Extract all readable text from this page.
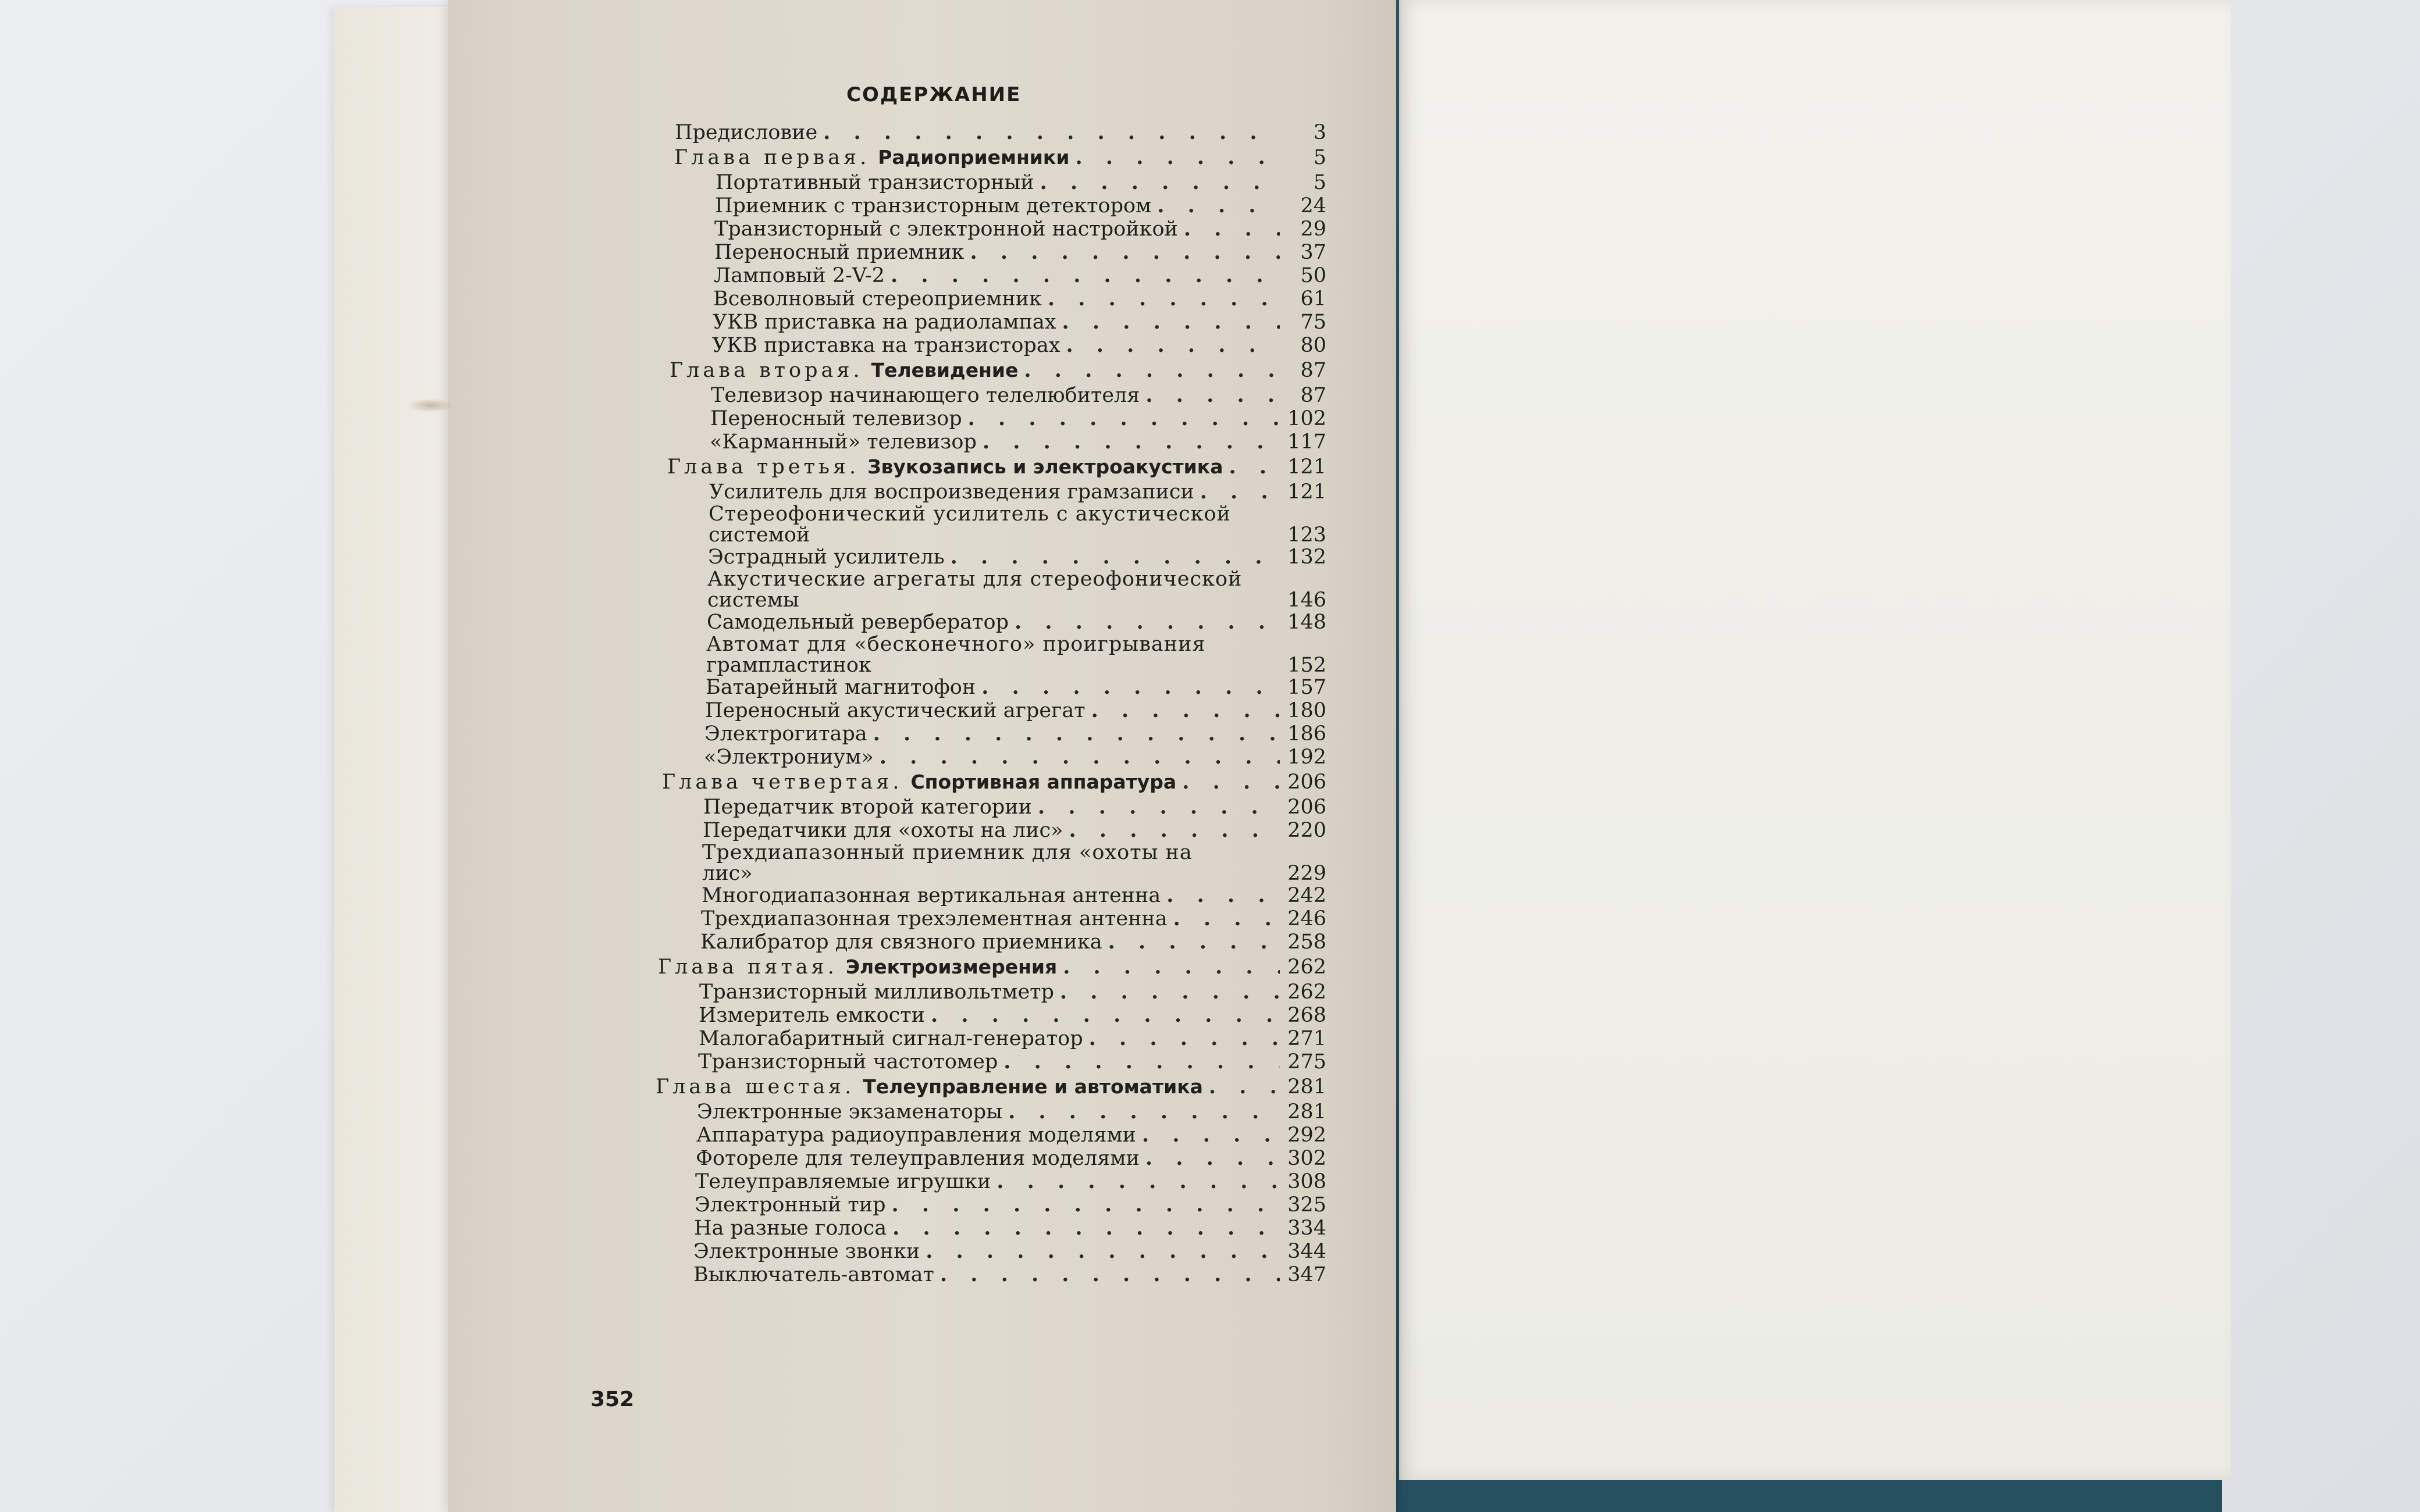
СОДЕРЖАНИЕ
Предисловие . . .	3
Глава первая. Радиоприемники . . .	5
Портативный транзисторный . . .	5
Приемник с транзисторным детектором . . .	24
Транзисторный с электронной настройкой . . .	29
Переносный приемник . . .	37
Ламповый 2-V-2 . . .	50
Всеволновый стереоприемник . . .	61
УКВ приставка на радиолампах . . .	75
УКВ приставка на транзисторах . . .	80
Глава вторая. Телевидение . . .	87
Телевизор начинающего телелюбителя . . .	87
Переносный телевизор . . .	102
«Карманный» телевизор . . .	117
Глава третья. Звукозапись и электроакустика . . .	121
Усилитель для воспроизведения грамзаписи . . .	121
Стереофонический усилитель с акустической
системой	123
Эстрадный усилитель . . .	132
Акустические агрегаты для стереофонической
системы	146
Самодельный ревербератор . . .	148
Автомат для «бесконечного» проигрывания
грампластинок	152
Батарейный магнитофон . . .	157
Переносный акустический агрегат . . .	180
Электрогитара . . .	186
«Электрониум» . . .	192
Глава четвертая. Спортивная аппаратура . . .	206
Передатчик второй категории . . .	206
Передатчики для «охоты на лис» . . .	220
Трехдиапазонный приемник для «охоты на
лис»	229
Многодиапазонная вертикальная антенна . . .	242
Трехдиапазонная трехэлементная антенна . . .	246
Калибратор для связного приемника . . .	258
Глава пятая. Электроизмерения . . .	262
Транзисторный милливольтметр . . .	262
Измеритель емкости . . .	268
Малогабаритный сигнал-генератор . . .	271
Транзисторный частотомер . . .	275
Глава шестая. Телеуправление и автоматика . . .	281
Электронные экзаменаторы . . .	281
Аппаратура радиоуправления моделями . . .	292
Фотореле для телеуправления моделями . . .	302
Телеуправляемые игрушки . . .	308
Электронный тир . . .	325
На разные голоса . . .	334
Электронные звонки . . .	344
Выключатель-автомат . . .	347
352
